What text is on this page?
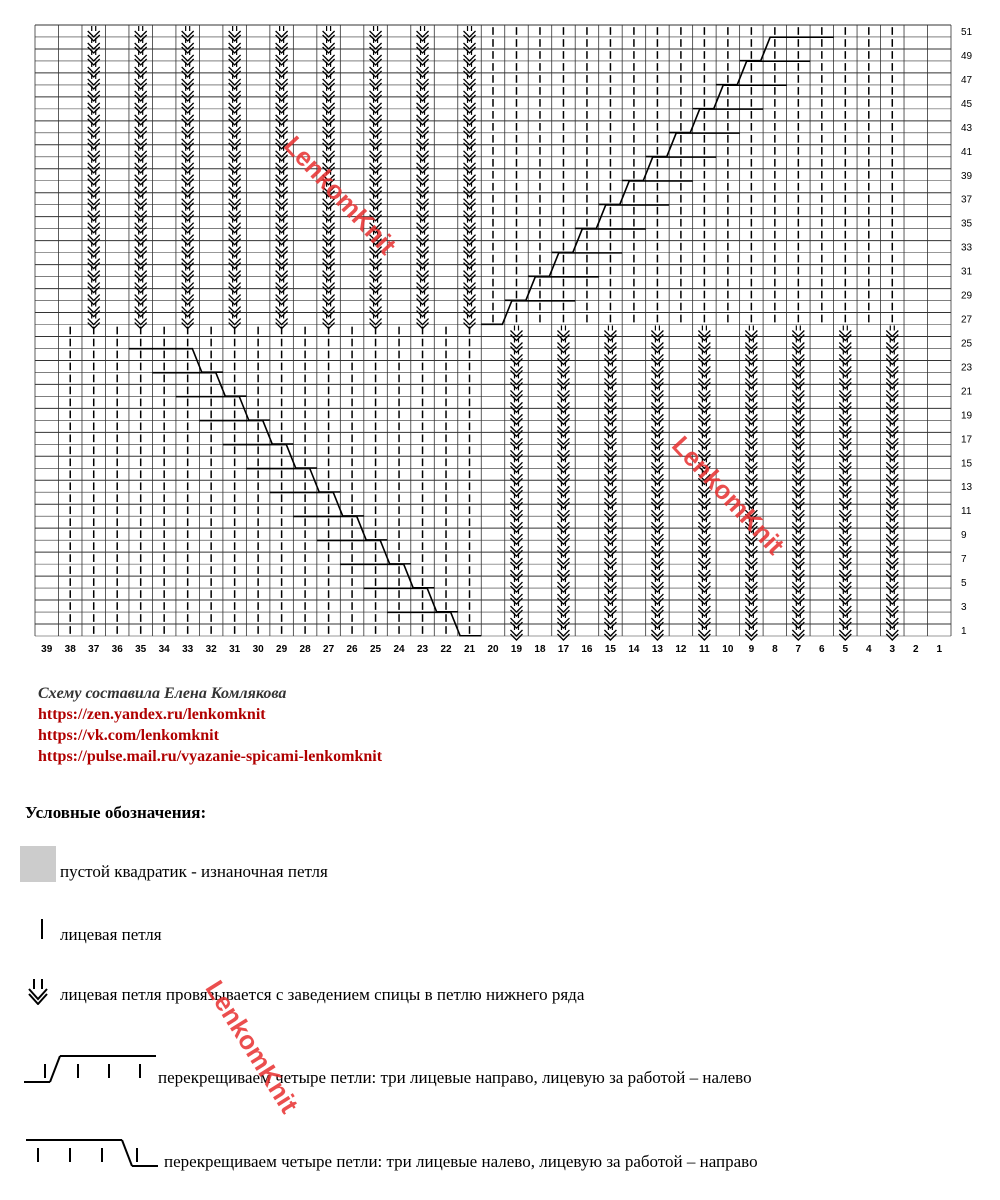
39 38 37 36 35 34 33 32 31 30 29 28 27 26 25 24 23 22 21 20 19 18 17 16 15 14 13 12 11 10 9 8 7 6 5 4 3 2 1
51
49
47
45
43
41
39
37
35
33
31
29
27
25
23
21
19
17
15
13
11
9
7
5
3
1
Схему составила Елена Комлякова
https://zen.yandex.ru/lenkomknit
https://vk.com/lenkomknit
https://pulse.mail.ru/vyazanie-spicami-lenkomknit
Условные обозначения:
пустой квадратик - изнаночная петля
лицевая петля
лицевая петля провязывается с заведением спицы в петлю нижнего ряда
перекрещиваем четыре петли: три лицевые направо, лицевую за работой – налево
перекрещиваем четыре петли: три лицевые налево, лицевую за работой – направо
LenkomKnit
LenkomKnit
LenkomKnit
